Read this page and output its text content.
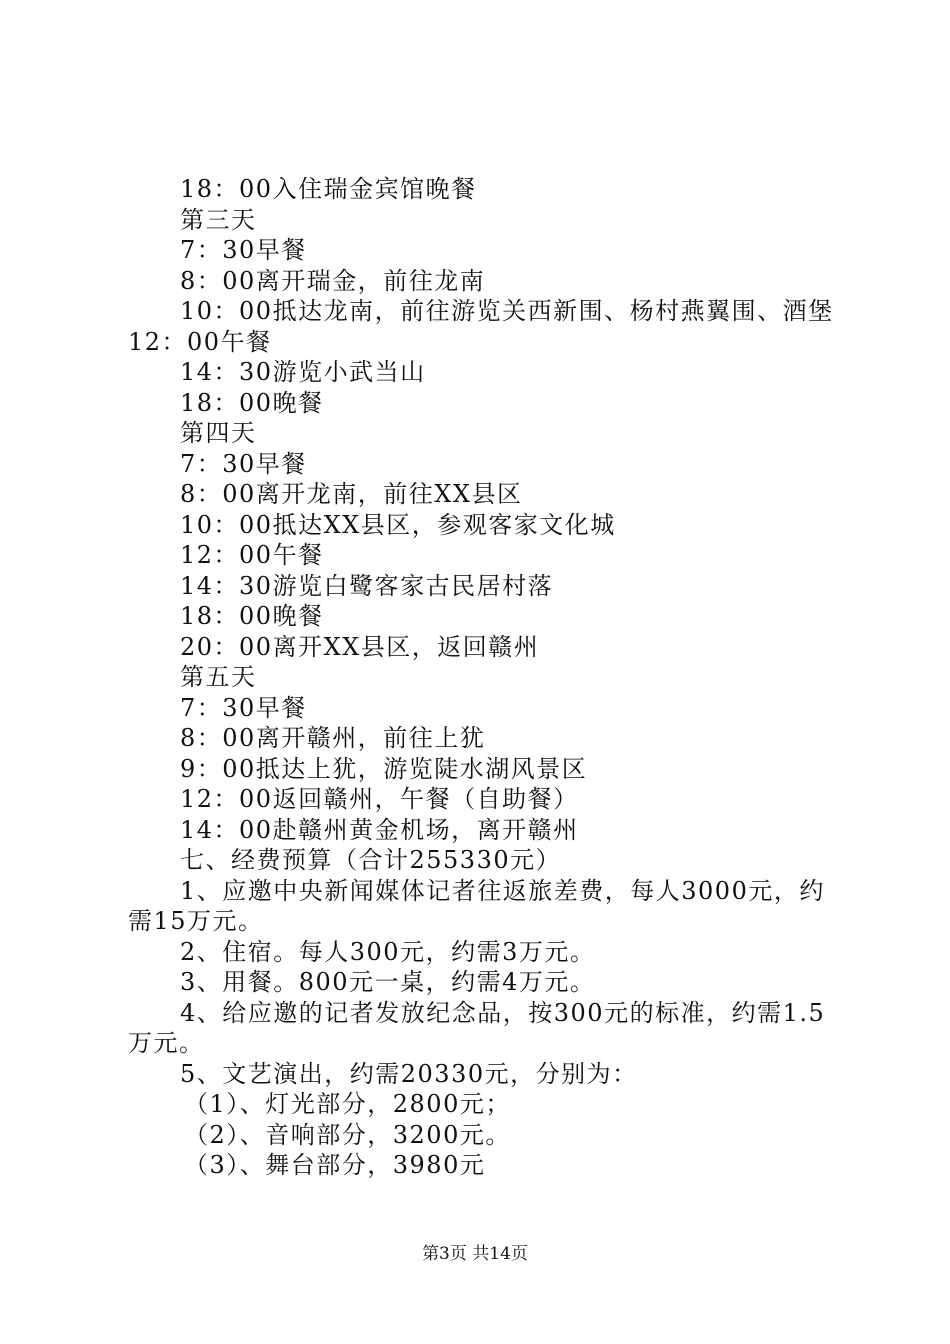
18：00入住瑞金宾馆晚餐
第三天
7：30早餐
8：00离开瑞金，前往龙南
10：00抵达龙南，前往游览关西新围、杨村燕翼围、酒堡
12：00午餐
14：30游览小武当山
18：00晚餐
第四天
7：30早餐
8：00离开龙南，前往XX县区
10：00抵达XX县区，参观客家文化城
12：00午餐
14：30游览白鹭客家古民居村落
18：00晚餐
20：00离开XX县区，返回赣州
第五天
7：30早餐
8：00离开赣州，前往上犹
9：00抵达上犹，游览陡水湖风景区
12：00返回赣州，午餐（自助餐）
14：00赴赣州黄金机场，离开赣州
七、经费预算（合计255330元）
1、应邀中央新闻媒体记者往返旅差费，每人3000元，约
需15万元。
2、住宿。每人300元，约需3万元。
3、用餐。800元一桌，约需4万元。
4、给应邀的记者发放纪念品，按300元的标准，约需1.5
万元。
5、文艺演出，约需20330元，分别为：
（1）、灯光部分，2800元；
（2）、音响部分，3200元。
（3）、舞台部分，3980元
第3页 共14页
